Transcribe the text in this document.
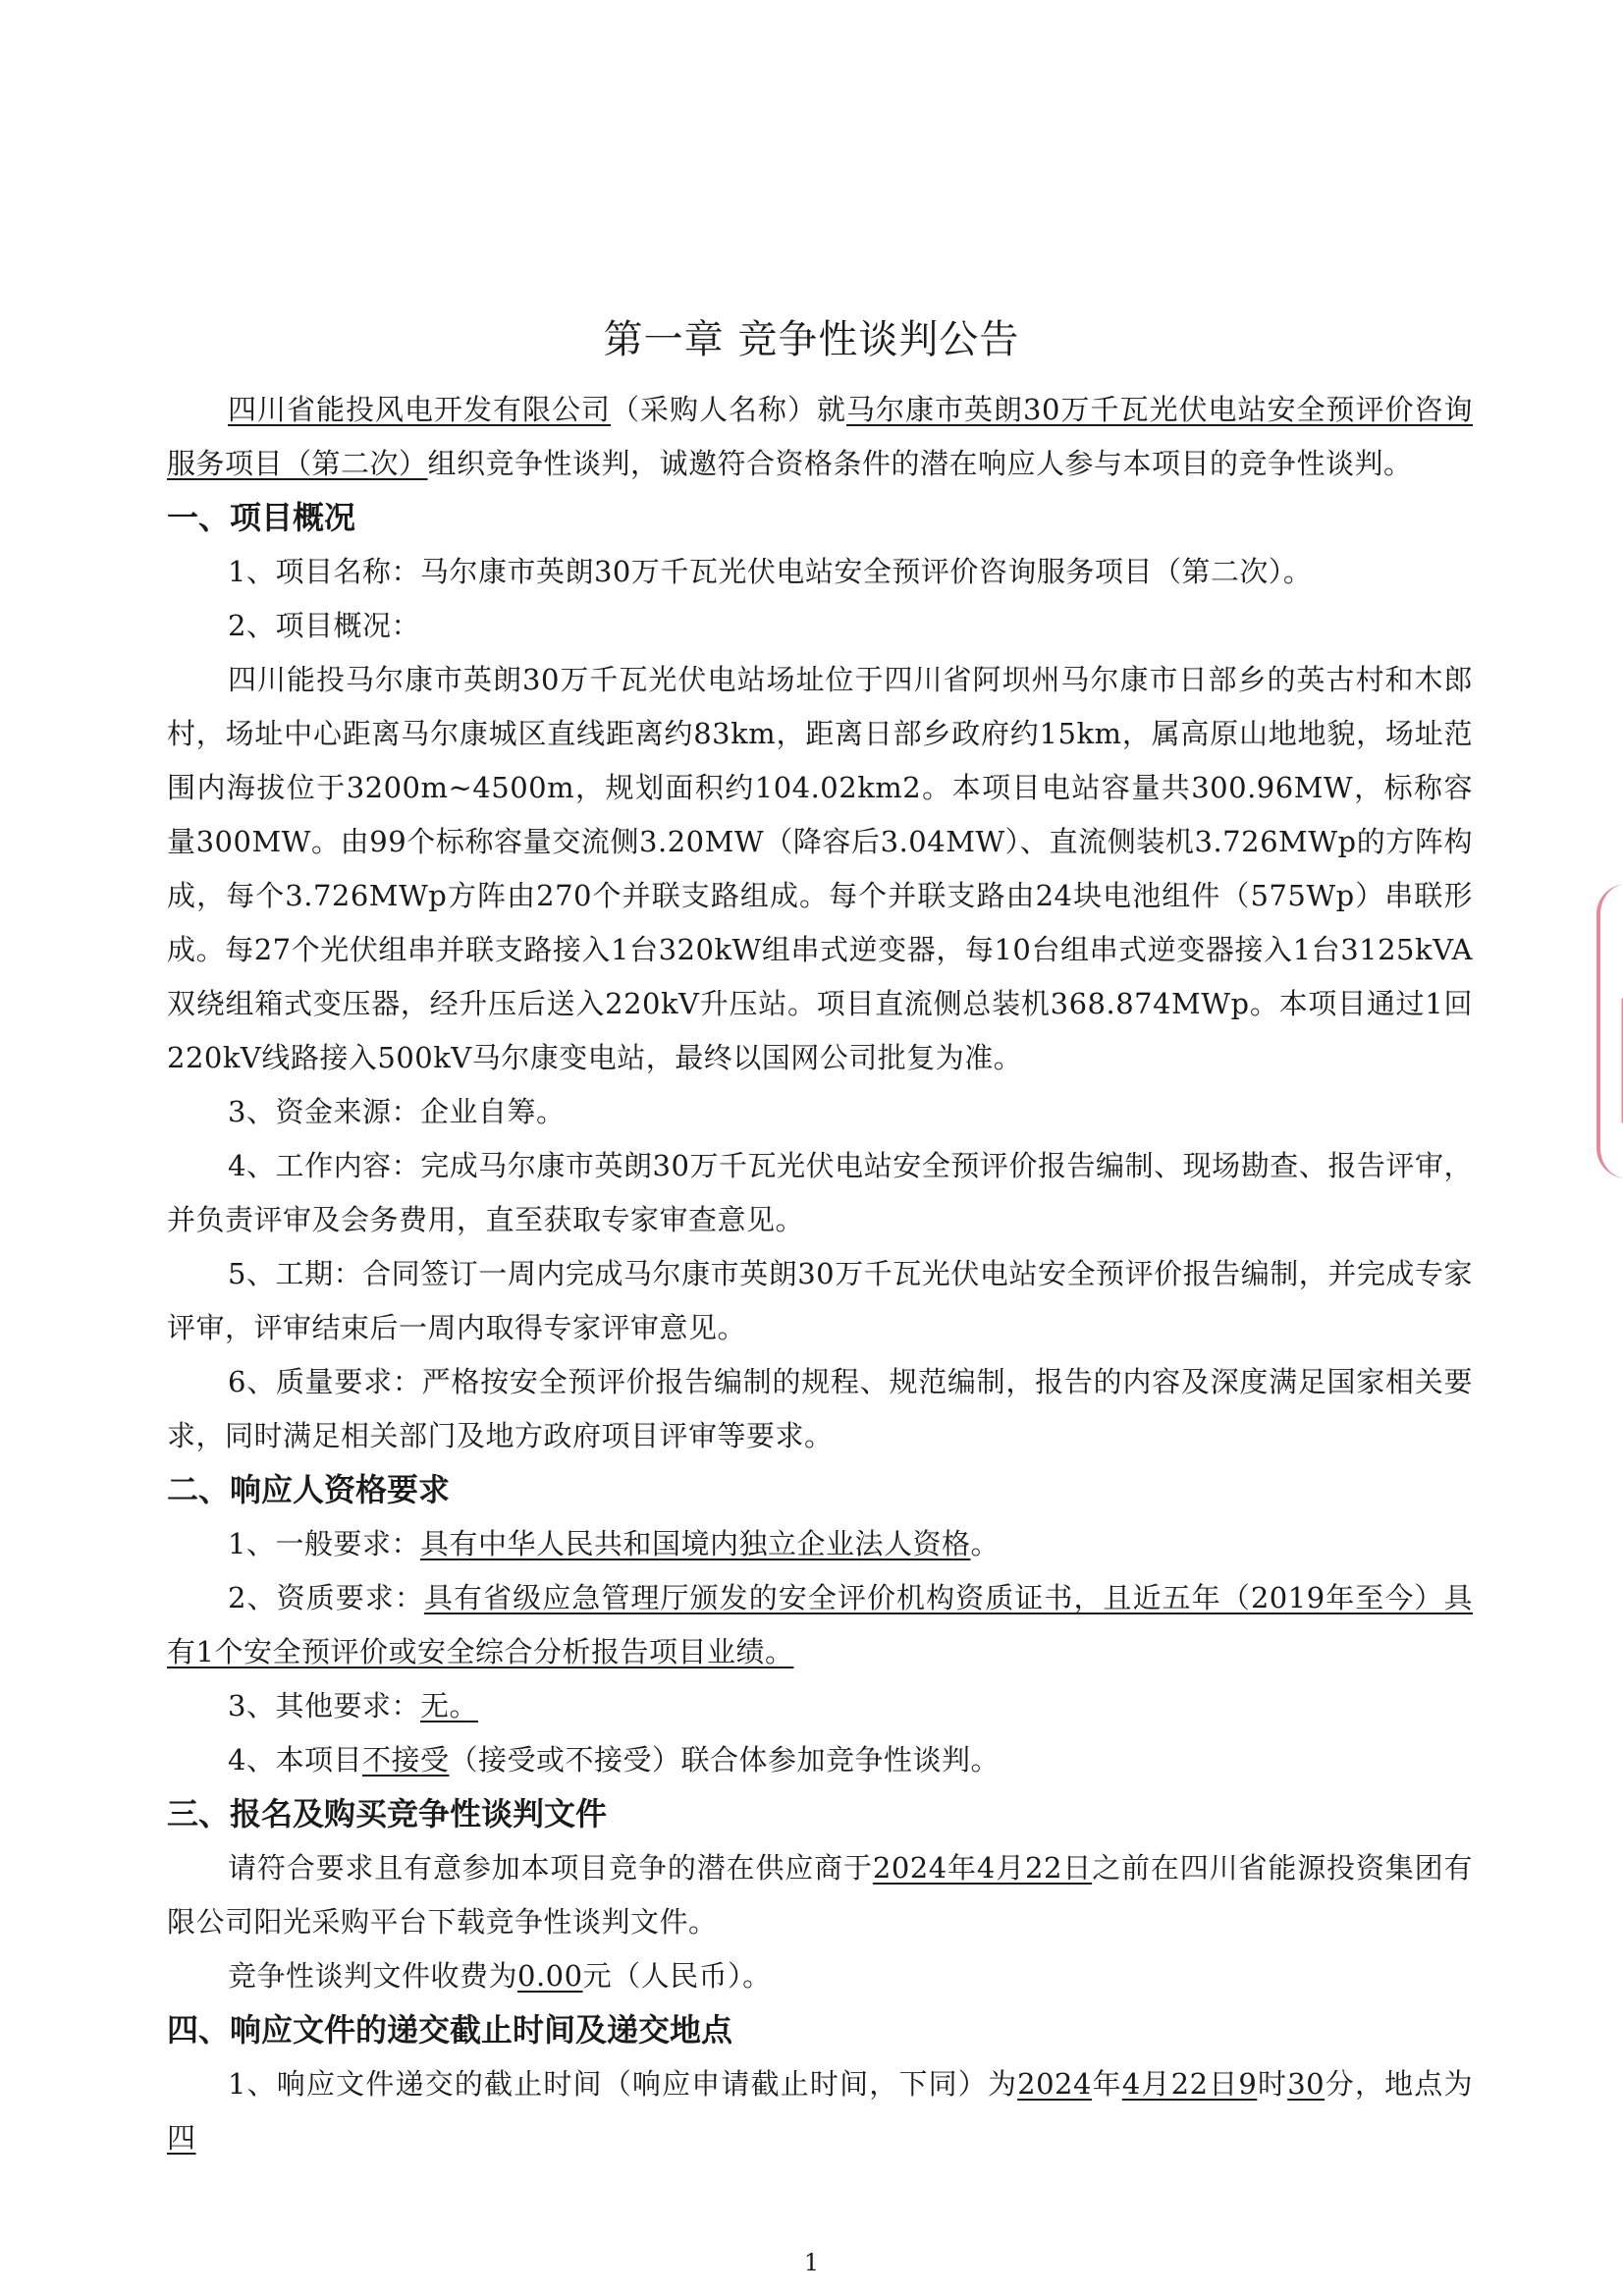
第一章 竞争性谈判公告

四川省能投风电开发有限公司（采购人名称）就马尔康市英朗30万千瓦光伏电站安全预评价咨询服务项目（第二次）组织竞争性谈判，诚邀符合资格条件的潜在响应人参与本项目的竞争性谈判。

一、项目概况

1、项目名称：马尔康市英朗30万千瓦光伏电站安全预评价咨询服务项目（第二次）。

2、项目概况：

四川能投马尔康市英朗30万千瓦光伏电站场址位于四川省阿坝州马尔康市日部乡的英古村和木郎村，场址中心距离马尔康城区直线距离约83km，距离日部乡政府约15km，属高原山地地貌，场址范围内海拔位于3200m~4500m，规划面积约104.02km2。本项目电站容量共300.96MW，标称容量300MW。由99个标称容量交流侧3.20MW（降容后3.04MW）、直流侧装机3.726MWp的方阵构成，每个3.726MWp方阵由270个并联支路组成。每个并联支路由24块电池组件（575Wp）串联形成。每27个光伏组串并联支路接入1台320kW组串式逆变器，每10台组串式逆变器接入1台3125kVA双绕组箱式变压器，经升压后送入220kV升压站。项目直流侧总装机368.874MWp。本项目通过1回220kV线路接入500kV马尔康变电站，最终以国网公司批复为准。

3、资金来源：企业自筹。

4、工作内容：完成马尔康市英朗30万千瓦光伏电站安全预评价报告编制、现场勘查、报告评审，并负责评审及会务费用，直至获取专家审查意见。

5、工期：合同签订一周内完成马尔康市英朗30万千瓦光伏电站安全预评价报告编制，并完成专家评审，评审结束后一周内取得专家评审意见。

6、质量要求：严格按安全预评价报告编制的规程、规范编制，报告的内容及深度满足国家相关要求，同时满足相关部门及地方政府项目评审等要求。

二、响应人资格要求

1、一般要求：具有中华人民共和国境内独立企业法人资格。

2、资质要求：具有省级应急管理厅颁发的安全评价机构资质证书，且近五年（2019年至今）具有1个安全预评价或安全综合分析报告项目业绩。

3、其他要求：无。

4、本项目不接受（接受或不接受）联合体参加竞争性谈判。

三、报名及购买竞争性谈判文件

请符合要求且有意参加本项目竞争的潜在供应商于2024年4月22日之前在四川省能源投资集团有限公司阳光采购平台下载竞争性谈判文件。

竞争性谈判文件收费为0.00元（人民币）。

四、响应文件的递交截止时间及递交地点

1、响应文件递交的截止时间（响应申请截止时间，下同）为2024年4月22日9时30分，地点为四

1
